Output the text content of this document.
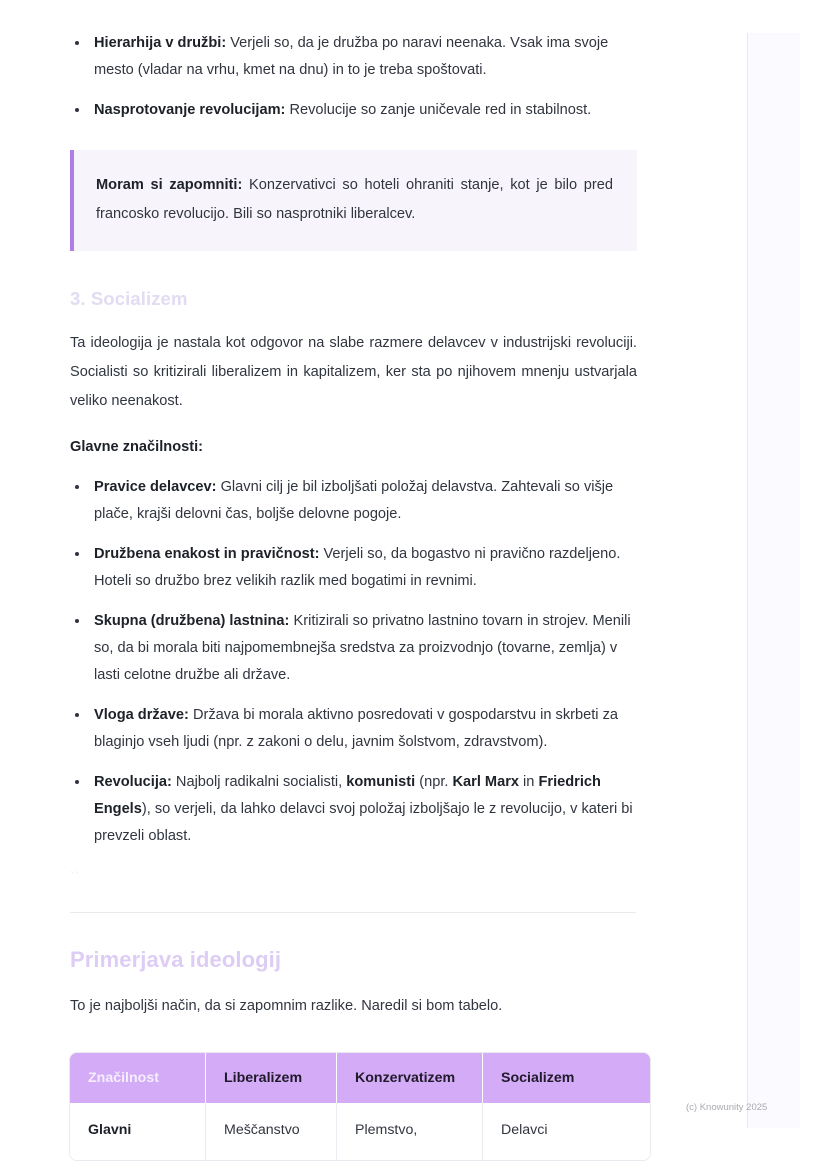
Hierarhija v družbi: Verjeli so, da je družba po naravi neenaka. Vsak ima svoje mesto (vladar na vrhu, kmet na dnu) in to je treba spoštovati.
Nasprotovanje revolucijam: Revolucije so zanje uničevale red in stabilnost.

Moram si zapomniti: Konzervativci so hoteli ohraniti stanje, kot je bilo pred francosko revolucijo. Bili so nasprotniki liberalcev.

3. Socializem

Ta ideologija je nastala kot odgovor na slabe razmere delavcev v industrijski revoluciji. Socialisti so kritizirali liberalizem in kapitalizem, ker sta po njihovem mnenju ustvarjala veliko neenakost.

Glavne značilnosti:

Pravice delavcev: Glavni cilj je bil izboljšati položaj delavstva. Zahtevali so višje plače, krajši delovni čas, boljše delovne pogoje.
Družbena enakost in pravičnost: Verjeli so, da bogastvo ni pravično razdeljeno. Hoteli so družbo brez velikih razlik med bogatimi in revnimi.
Skupna (družbena) lastnina: Kritizirali so privatno lastnino tovarn in strojev. Menili so, da bi morala biti najpomembnejša sredstva za proizvodnjo (tovarne, zemlja) v lasti celotne družbe ali države.
Vloga države: Država bi morala aktivno posredovati v gospodarstvu in skrbeti za blaginjo vseh ljudi (npr. z zakoni o delu, javnim šolstvom, zdravstvom).
Revolucija: Najbolj radikalni socialisti, komunisti (npr. Karl Marx in Friedrich Engels), so verjeli, da lahko delavci svoj položaj izboljšajo le z revolucijo, v kateri bi prevzeli oblast.

``

Primerjava ideologij

To je najboljši način, da si zapomnim razlike. Naredil si bom tabelo.

Značilnost	Liberalizem	Konzervatizem	Socializem
Glavni	Meščanstvo	Plemstvo,	Delavci
(c) Knowunity 2025
